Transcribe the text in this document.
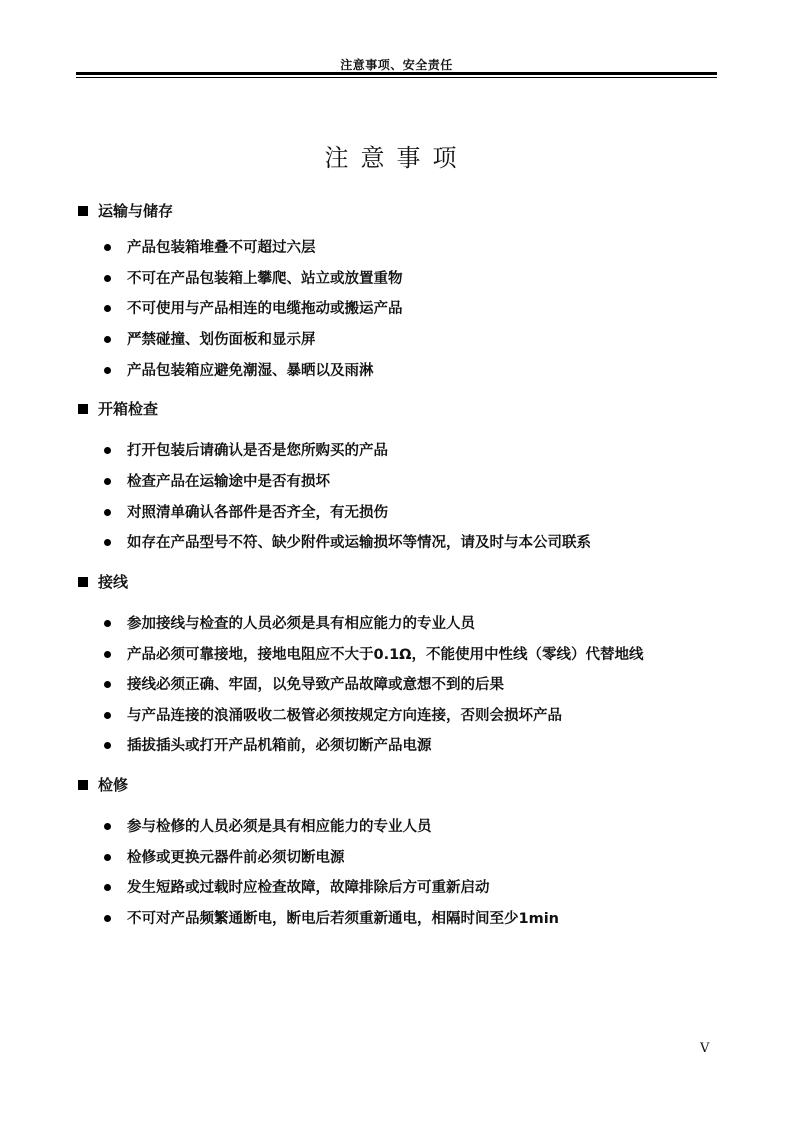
注意事项、安全责任
注意事项
运输与储存
产品包装箱堆叠不可超过六层
不可在产品包装箱上攀爬、站立或放置重物
不可使用与产品相连的电缆拖动或搬运产品
严禁碰撞、划伤面板和显示屏
产品包装箱应避免潮湿、暴晒以及雨淋
开箱检查
打开包装后请确认是否是您所购买的产品
检查产品在运输途中是否有损坏
对照清单确认各部件是否齐全，有无损伤
如存在产品型号不符、缺少附件或运输损坏等情况，请及时与本公司联系
接线
参加接线与检查的人员必须是具有相应能力的专业人员
产品必须可靠接地，接地电阻应不大于0.1Ω，不能使用中性线（零线）代替地线
接线必须正确、牢固，以免导致产品故障或意想不到的后果
与产品连接的浪涌吸收二极管必须按规定方向连接，否则会损坏产品
插拔插头或打开产品机箱前，必须切断产品电源
检修
参与检修的人员必须是具有相应能力的专业人员
检修或更换元器件前必须切断电源
发生短路或过载时应检查故障，故障排除后方可重新启动
不可对产品频繁通断电，断电后若须重新通电，相隔时间至少1min
V
